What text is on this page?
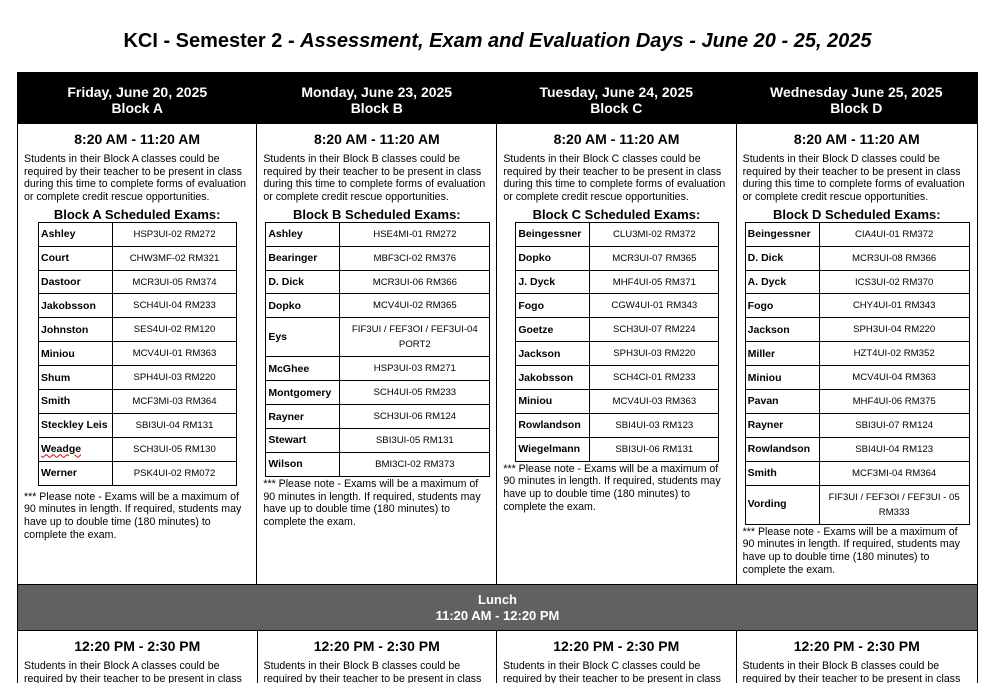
KCI - Semester 2 - Assessment, Exam and Evaluation Days - June 20 - 25, 2025
Friday, June 20, 2025
Block A
Monday, June 23, 2025
Block B
Tuesday, June 24, 2025
Block C
Wednesday June 25, 2025
Block D
8:20 AM - 11:20 AM
Students in their Block A classes could be required by their teacher to be present in class during this time to complete forms of evaluation or complete credit rescue opportunities.
Block A Scheduled Exams:
Ashley	HSP3UI-02 RM272
Court	CHW3MF-02 RM321
Dastoor	MCR3UI-05 RM374
Jakobsson	SCH4UI-04 RM233
Johnston	SES4UI-02 RM120
Miniou	MCV4UI-01 RM363
Shum	SPH4UI-03 RM220
Smith	MCF3MI-03 RM364
Steckley Leis	SBI3UI-04 RM131
Weadge	SCH3UI-05 RM130
Werner	PSK4UI-02 RM072
*** Please note - Exams will be a maximum of 90 minutes in length. If required, students may have up to double time (180 minutes) to complete the exam.
8:20 AM - 11:20 AM
Students in their Block B classes could be required by their teacher to be present in class during this time to complete forms of evaluation or complete credit rescue opportunities.
Block B Scheduled Exams:
Ashley	HSE4MI-01 RM272
Bearinger	MBF3CI-02 RM376
D. Dick	MCR3UI-06 RM366
Dopko	MCV4UI-02 RM365
Eys	FIF3UI / FEF3OI / FEF3UI-04 PORT2
McGhee	HSP3UI-03 RM271
Montgomery	SCH4UI-05 RM233
Rayner	SCH3UI-06 RM124
Stewart	SBI3UI-05 RM131
Wilson	BMI3CI-02 RM373
*** Please note - Exams will be a maximum of 90 minutes in length. If required, students may have up to double time (180 minutes) to complete the exam.
8:20 AM - 11:20 AM
Students in their Block C classes could be required by their teacher to be present in class during this time to complete forms of evaluation or complete credit rescue opportunities.
Block C Scheduled Exams:
Beingessner	CLU3MI-02 RM372
Dopko	MCR3UI-07 RM365
J. Dyck	MHF4UI-05 RM371
Fogo	CGW4UI-01 RM343
Goetze	SCH3UI-07 RM224
Jackson	SPH3UI-03 RM220
Jakobsson	SCH4CI-01 RM233
Miniou	MCV4UI-03 RM363
Rowlandson	SBI4UI-03 RM123
Wiegelmann	SBI3UI-06 RM131
*** Please note - Exams will be a maximum of 90 minutes in length. If required, students may have up to double time (180 minutes) to complete the exam.
8:20 AM - 11:20 AM
Students in their Block D classes could be required by their teacher to be present in class during this time to complete forms of evaluation or complete credit rescue opportunities.
Block D Scheduled Exams:
Beingessner	CIA4UI-01 RM372
D. Dick	MCR3UI-08 RM366
A. Dyck	ICS3UI-02 RM370
Fogo	CHY4UI-01 RM343
Jackson	SPH3UI-04 RM220
Miller	HZT4UI-02 RM352
Miniou	MCV4UI-04 RM363
Pavan	MHF4UI-06 RM375
Rayner	SBI3UI-07 RM124
Rowlandson	SBI4UI-04 RM123
Smith	MCF3MI-04 RM364
Vording	FIF3UI / FEF3OI / FEF3UI - 05 RM333
*** Please note - Exams will be a maximum of 90 minutes in length. If required, students may have up to double time (180 minutes) to complete the exam.
Lunch
11:20 AM - 12:20 PM
12:20 PM - 2:30 PM
Students in their Block A classes could be required by their teacher to be present in class
12:20 PM - 2:30 PM
Students in their Block B classes could be required by their teacher to be present in class
12:20 PM - 2:30 PM
Students in their Block C classes could be required by their teacher to be present in class
12:20 PM - 2:30 PM
Students in their Block B classes could be required by their teacher to be present in class
